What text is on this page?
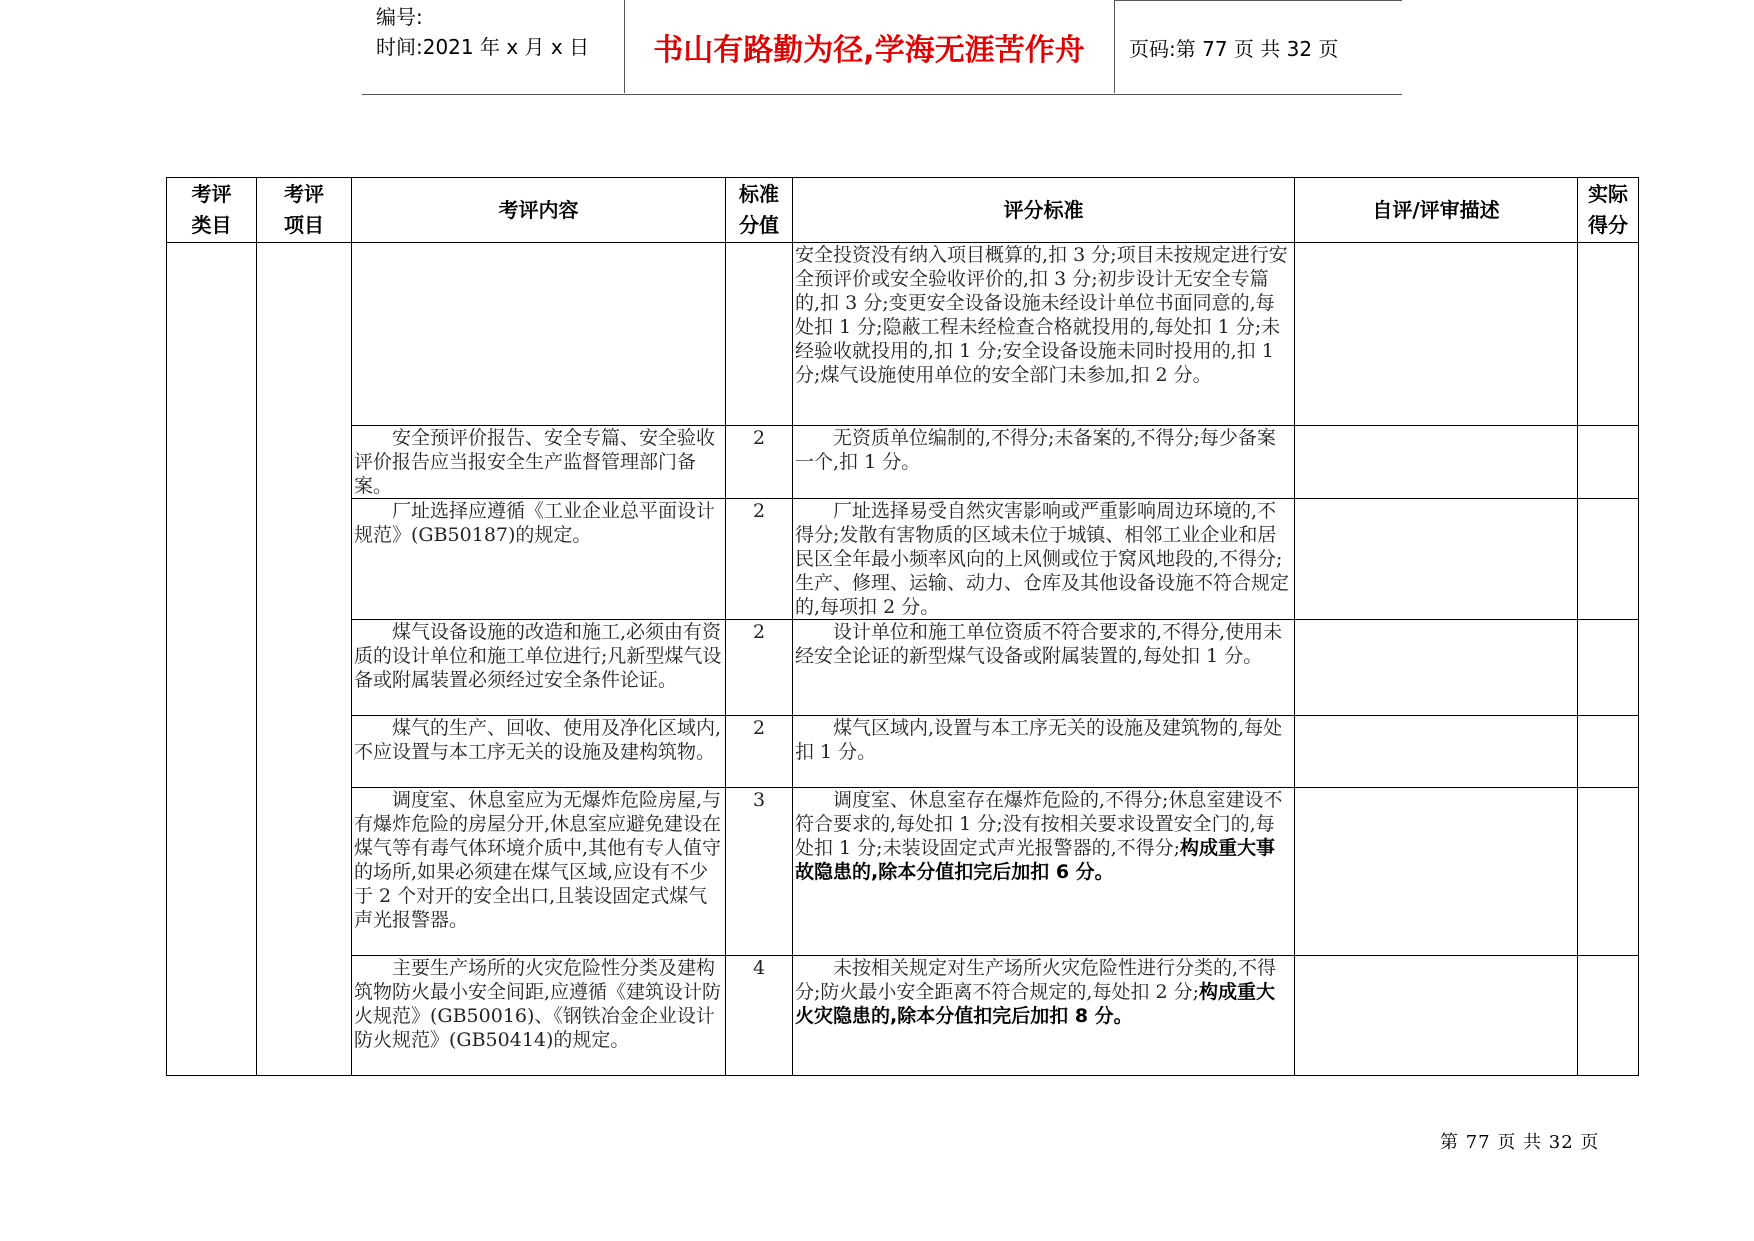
编号:
时间:2021 年 x 月 x 日	书山有路勤为径,学海无涯苦作舟	页码:第 77 页 共 32 页
考评类目	考评项目	考评内容	标准分值	评分标准	自评/评审描述	实际得分
				安全投资没有纳入项目概算的,扣 3 分;项目未按规定进行安全预评价或安全验收评价的,扣 3 分;初步设计无安全专篇的,扣 3 分;变更安全设备设施未经设计单位书面同意的,每处扣 1 分;隐蔽工程未经检查合格就投用的,每处扣 1 分;未经验收就投用的,扣 1 分;安全设备设施未同时投用的,扣 1 分;煤气设施使用单位的安全部门未参加,扣 2 分。		
		安全预评价报告、安全专篇、安全验收评价报告应当报安全生产监督管理部门备案。	2	无资质单位编制的,不得分;未备案的,不得分;每少备案一个,扣 1 分。		
		厂址选择应遵循《工业企业总平面设计规范》(GB50187)的规定。	2	厂址选择易受自然灾害影响或严重影响周边环境的,不得分;发散有害物质的区域未位于城镇、相邻工业企业和居民区全年最小频率风向的上风侧或位于窝风地段的,不得分;生产、修理、运输、动力、仓库及其他设备设施不符合规定的,每项扣 2 分。		
		煤气设备设施的改造和施工,必须由有资质的设计单位和施工单位进行;凡新型煤气设备或附属装置必须经过安全条件论证。	2	设计单位和施工单位资质不符合要求的,不得分,使用未经安全论证的新型煤气设备或附属装置的,每处扣 1 分。		
		煤气的生产、回收、使用及净化区域内,不应设置与本工序无关的设施及建构筑物。	2	煤气区域内,设置与本工序无关的设施及建筑物的,每处扣 1 分。		
		调度室、休息室应为无爆炸危险房屋,与有爆炸危险的房屋分开,休息室应避免建设在煤气等有毒气体环境介质中,其他有专人值守的场所,如果必须建在煤气区域,应设有不少于 2 个对开的安全出口,且装设固定式煤气声光报警器。	3	调度室、休息室存在爆炸危险的,不得分;休息室建设不符合要求的,每处扣 1 分;没有按相关要求设置安全门的,每处扣 1 分;未装设固定式声光报警器的,不得分;构成重大事故隐患的,除本分值扣完后加扣 6 分。		
		主要生产场所的火灾危险性分类及建构筑物防火最小安全间距,应遵循《建筑设计防火规范》(GB50016)、《钢铁冶金企业设计防火规范》(GB50414)的规定。	4	未按相关规定对生产场所火灾危险性进行分类的,不得分;防火最小安全距离不符合规定的,每处扣 2 分;构成重大火灾隐患的,除本分值扣完后加扣 8 分。		
第 77 页 共 32 页
